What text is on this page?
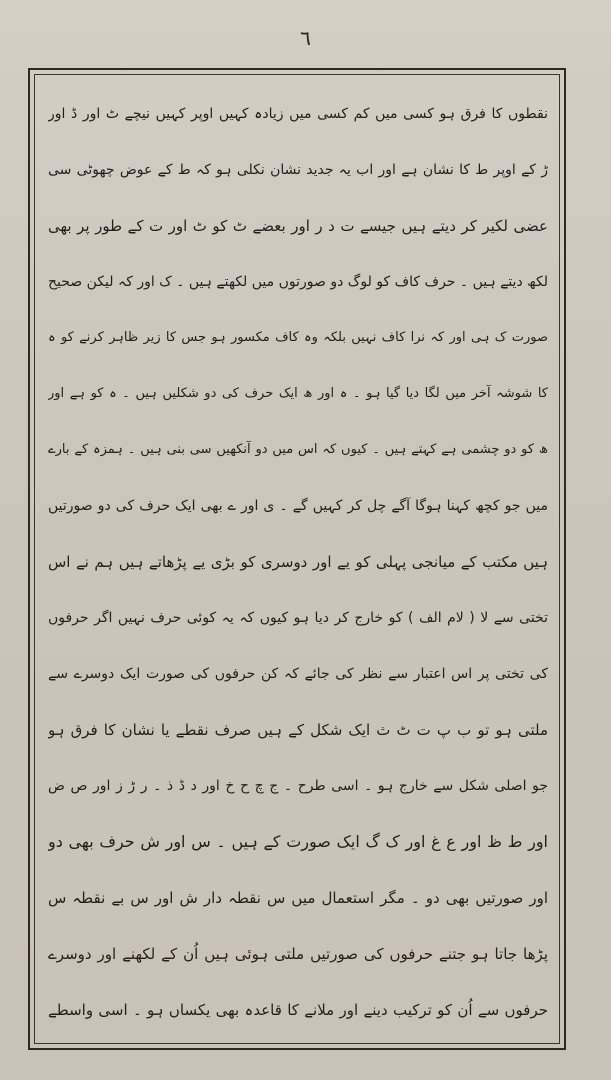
٦
نقطوں کا فرق ہو کسی میں کم کسی میں زیادہ کہیں اوپر کہیں نیچے ٹ اور ڈ اور
ڑ کے اوپر ط کا نشان ہے اور اب یہ جدید نشان نکلی ہو کہ ط کے عوض چھوٹی سی
عضی لکیر کر دیتے ہیں جیسے ت د ر اور بعضے ٹ کو ٹ اور ت کے طور پر بھی
لکھ دیتے ہیں ۔ حرف کاف کو لوگ دو صورتوں میں لکھتے ہیں ۔ ک اور کہ لیکن صحیح
صورت ک ہی اور کہ نرا کاف نہیں بلکہ وہ کاف مکسور ہو جس کا زیر ظاہر کرنے کو ہ
کا شوشہ آخر میں لگا دیا گیا ہو ۔ ہ اور ھ ایک حرف کی دو شکلیں ہیں ۔ ہ کو ہے اور
ھ کو دو چشمی ہے کہتے ہیں ۔ کیوں کہ اس میں دو آنکھیں سی بنی ہیں ۔ ہمزہ کے بارے
میں جو کچھ کہنا ہوگا آگے چل کر کہیں گے ۔ ی اور ے بھی ایک حرف کی دو صورتیں
ہیں مکتب کے میانجی پہلی کو یے اور دوسری کو بڑی یے پڑھاتے ہیں ہم نے اس
تختی سے لا ( لام الف ) کو خارج کر دیا ہو کیوں کہ یہ کوئی حرف نہیں اگر حرفوں
کی تختی پر اس اعتبار سے نظر کی جائے کہ کن حرفوں کی صورت ایک دوسرے سے
ملتی ہو تو ب پ ت ٹ ث ایک شکل کے ہیں صرف نقطے یا نشان کا فرق ہو
جو اصلی شکل سے خارج ہو ۔ اسی طرح ۔ ج چ ح خ اور د ڈ ذ ۔ ر ڑ ز اور ص ض
اور ط ظ اور ع غ اور ک گ ایک صورت کے ہیں ۔ س اور ش حرف بھی دو
اور صورتیں بھی دو ۔ مگر استعمال میں س نقطہ دار ش اور س بے نقطہ س
پڑھا جاتا ہو جتنے حرفوں کی صورتیں ملتی ہوئی ہیں اُن کے لکھنے اور دوسرے
حرفوں سے اُن کو ترکیب دینے اور ملانے کا قاعدہ بھی یکساں ہو ۔ اسی واسطے
